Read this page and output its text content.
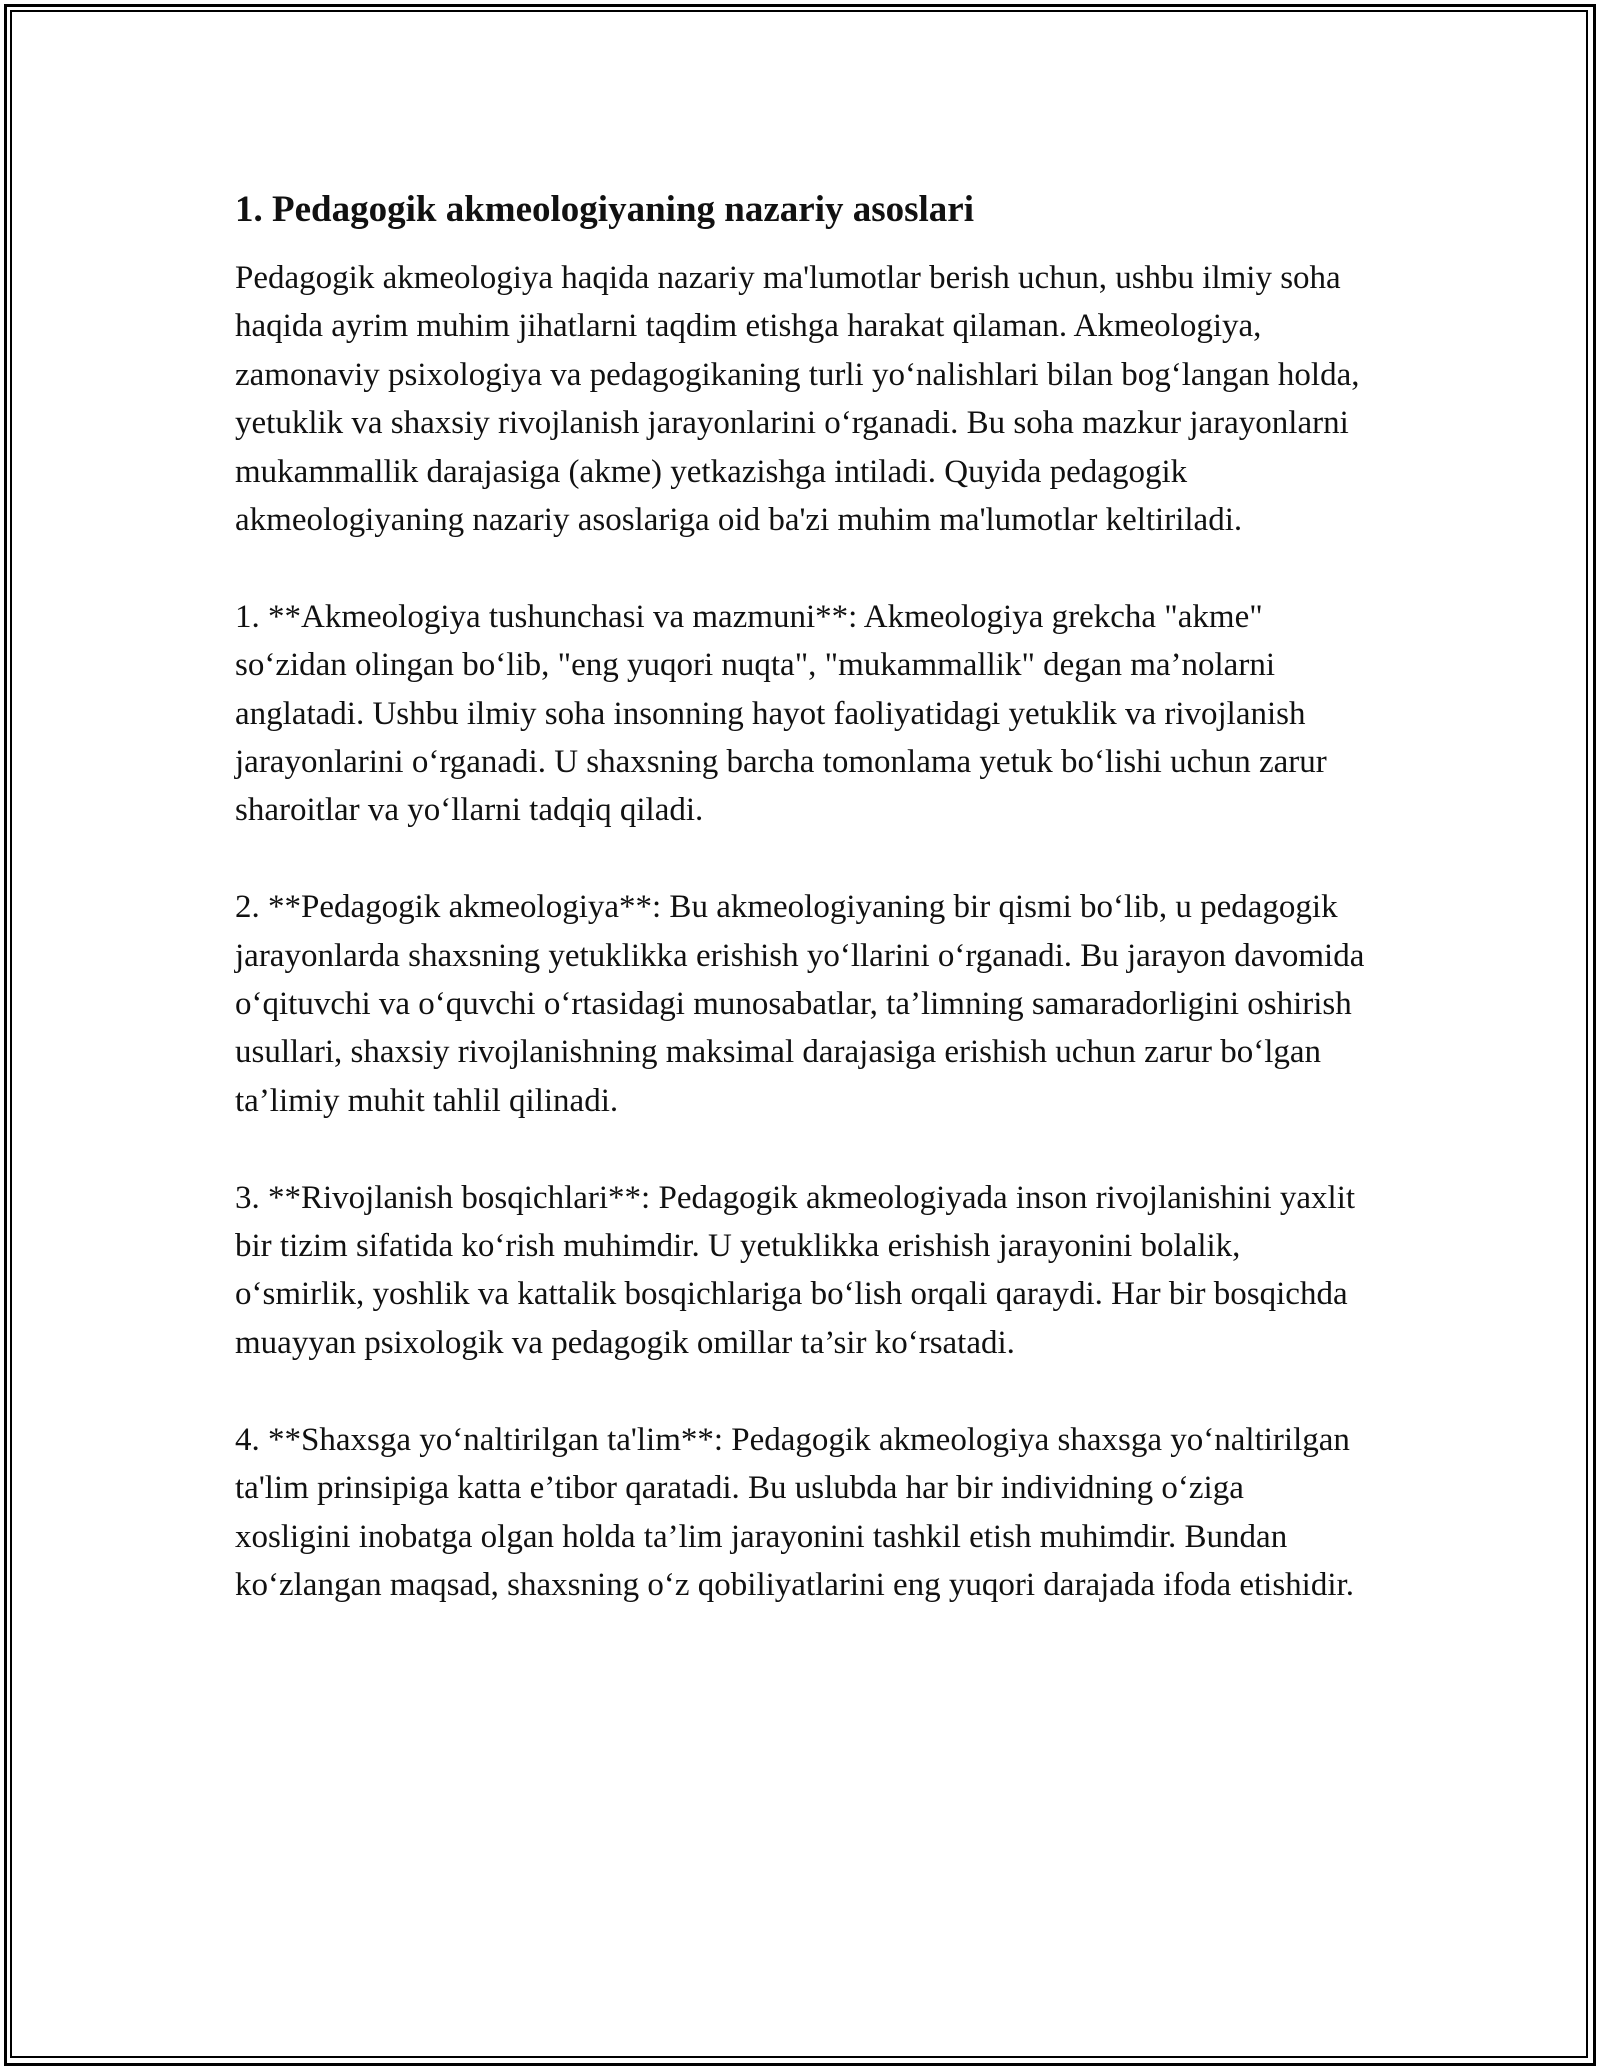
1. Pedagogik akmeologiyaning nazariy asoslari

Pedagogik akmeologiya haqida nazariy ma'lumotlar berish uchun, ushbu ilmiy soha haqida ayrim muhim jihatlarni taqdim etishga harakat qilaman. Akmeologiya, zamonaviy psixologiya va pedagogikaning turli yo‘nalishlari bilan bog‘langan holda, yetuklik va shaxsiy rivojlanish jarayonlarini o‘rganadi. Bu soha mazkur jarayonlarni mukammallik darajasiga (akme) yetkazishga intiladi. Quyida pedagogik akmeologiyaning nazariy asoslariga oid ba'zi muhim ma'lumotlar keltiriladi.

1. **Akmeologiya tushunchasi va mazmuni**: Akmeologiya grekcha "akme" so‘zidan olingan bo‘lib, "eng yuqori nuqta", "mukammallik" degan ma’nolarni anglatadi. Ushbu ilmiy soha insonning hayot faoliyatidagi yetuklik va rivojlanish jarayonlarini o‘rganadi. U shaxsning barcha tomonlama yetuk bo‘lishi uchun zarur sharoitlar va yo‘llarni tadqiq qiladi.

2. **Pedagogik akmeologiya**: Bu akmeologiyaning bir qismi bo‘lib, u pedagogik jarayonlarda shaxsning yetuklikka erishish yo‘llarini o‘rganadi. Bu jarayon davomida o‘qituvchi va o‘quvchi o‘rtasidagi munosabatlar, ta’limning samaradorligini oshirish usullari, shaxsiy rivojlanishning maksimal darajasiga erishish uchun zarur bo‘lgan ta’limiy muhit tahlil qilinadi.

3. **Rivojlanish bosqichlari**: Pedagogik akmeologiyada inson rivojlanishini yaxlit bir tizim sifatida ko‘rish muhimdir. U yetuklikka erishish jarayonini bolalik, o‘smirlik, yoshlik va kattalik bosqichlariga bo‘lish orqali qaraydi. Har bir bosqichda muayyan psixologik va pedagogik omillar ta’sir ko‘rsatadi.

4. **Shaxsga yo‘naltirilgan ta'lim**: Pedagogik akmeologiya shaxsga yo‘naltirilgan ta'lim prinsipiga katta e’tibor qaratadi. Bu uslubda har bir individning o‘ziga xosligini inobatga olgan holda ta’lim jarayonini tashkil etish muhimdir. Bundan ko‘zlangan maqsad, shaxsning o‘z qobiliyatlarini eng yuqori darajada ifoda etishidir.
